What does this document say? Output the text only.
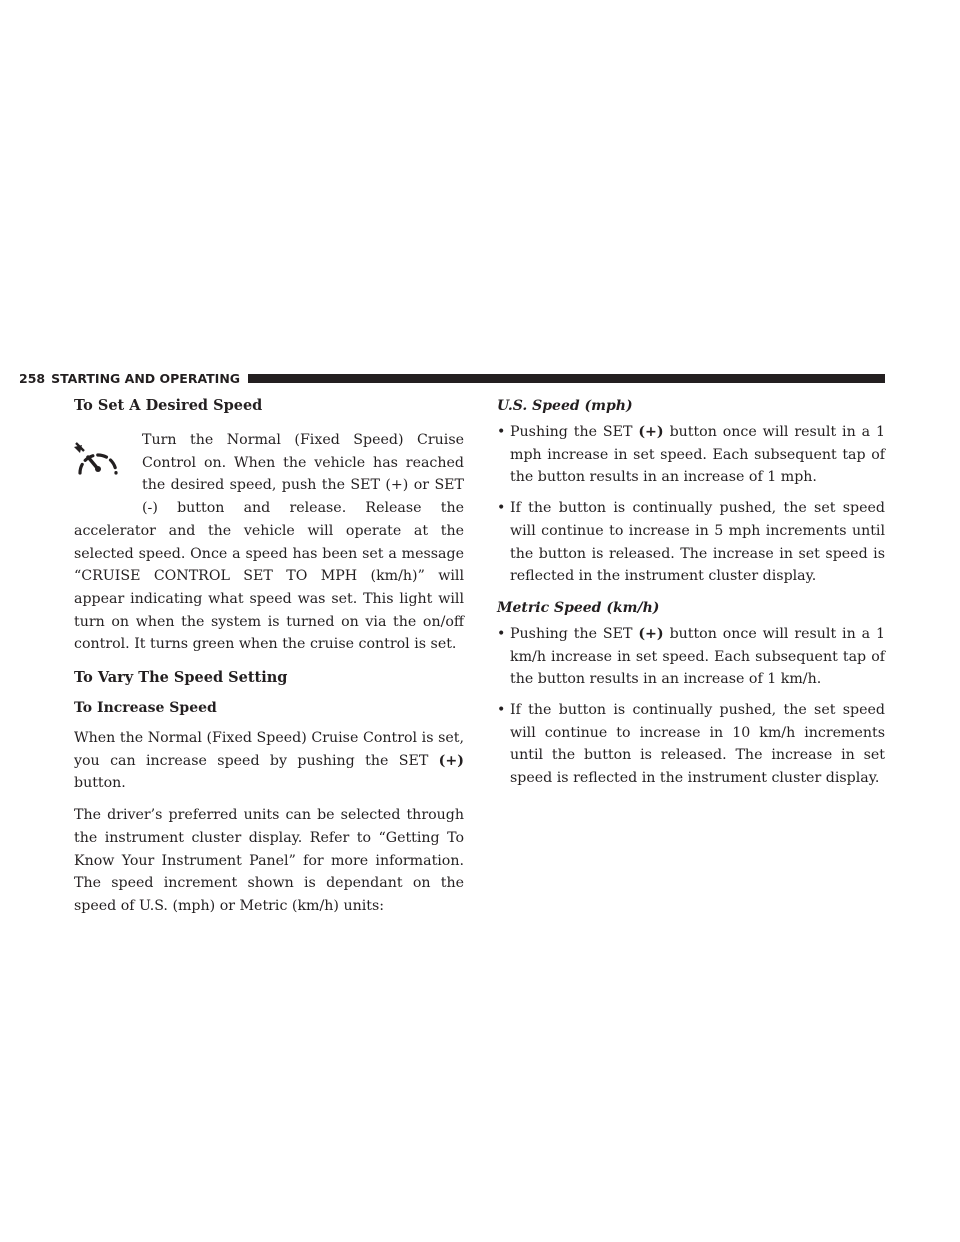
258 STARTING AND OPERATING
To Set A Desired Speed

Turn the Normal (Fixed Speed) Cruise Control on. When the vehicle has reached the desired speed, push the SET (+) or SET (-) button and release. Release the accelerator and the vehicle will operate at the selected speed. Once a speed has been set a message “CRUISE CONTROL SET TO MPH (km/h)” will appear indicating what speed was set. This light will turn on when the system is turned on via the on/off control. It turns green when the cruise control is set.

To Vary The Speed Setting
To Increase Speed

When the Normal (Fixed Speed) Cruise Control is set, you can increase speed by pushing the SET (+) button.

The driver’s preferred units can be selected through the instrument cluster display. Refer to “Getting To Know Your Instrument Panel” for more information. The speed increment shown is dependant on the speed of U.S. (mph) or Metric (km/h) units:

U.S. Speed (mph)
• Pushing the SET (+) button once will result in a 1 mph increase in set speed. Each subsequent tap of the button results in an increase of 1 mph.
• If the button is continually pushed, the set speed will continue to increase in 5 mph increments until the button is released. The increase in set speed is reflected in the instrument cluster display.
Metric Speed (km/h)
• Pushing the SET (+) button once will result in a 1 km/h increase in set speed. Each subsequent tap of the button results in an increase of 1 km/h.
• If the button is continually pushed, the set speed will continue to increase in 10 km/h increments until the button is released. The increase in set speed is reflected in the instrument cluster display.
